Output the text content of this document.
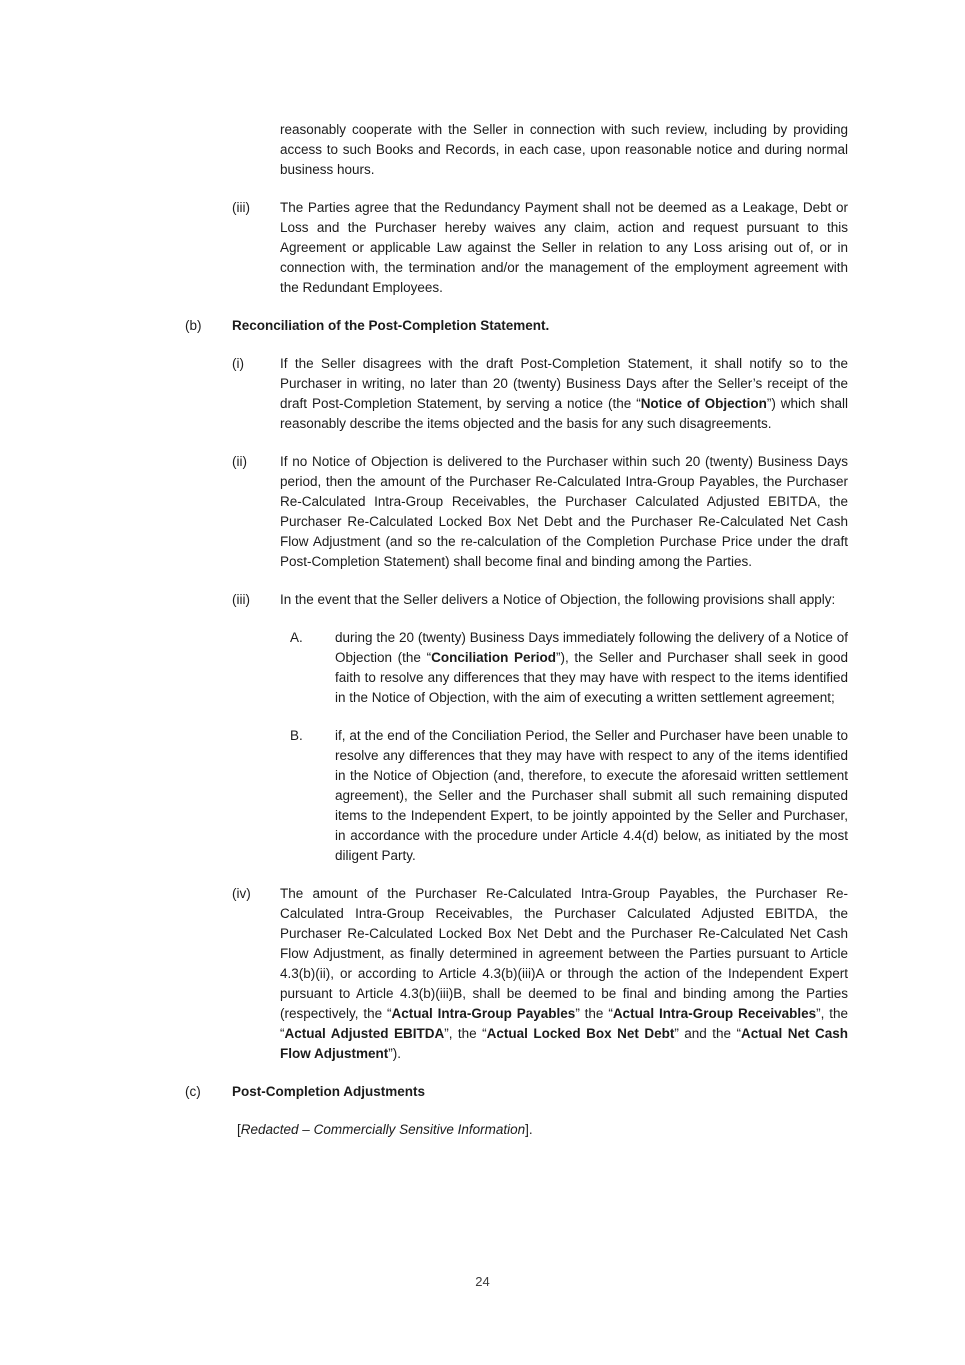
reasonably cooperate with the Seller in connection with such review, including by providing access to such Books and Records, in each case, upon reasonable notice and during normal business hours.
(iii) The Parties agree that the Redundancy Payment shall not be deemed as a Leakage, Debt or Loss and the Purchaser hereby waives any claim, action and request pursuant to this Agreement or applicable Law against the Seller in relation to any Loss arising out of, or in connection with, the termination and/or the management of the employment agreement with the Redundant Employees.
(b) Reconciliation of the Post-Completion Statement.
(i)	If the Seller disagrees with the draft Post-Completion Statement, it shall notify so to the Purchaser in writing, no later than 20 (twenty) Business Days after the Seller’s receipt of the draft Post-Completion Statement, by serving a notice (the “Notice of Objection”) which shall reasonably describe the items objected and the basis for any such disagreements.
(ii) If no Notice of Objection is delivered to the Purchaser within such 20 (twenty) Business Days period, then the amount of the Purchaser Re-Calculated Intra-Group Payables, the Purchaser Re-Calculated Intra-Group Receivables, the Purchaser Calculated Adjusted EBITDA, the Purchaser Re-Calculated Locked Box Net Debt and the Purchaser Re-Calculated Net Cash Flow Adjustment (and so the re-calculation of the Completion Purchase Price under the draft Post-Completion Statement) shall become final and binding among the Parties.
(iii) In the event that the Seller delivers a Notice of Objection, the following provisions shall apply:
A. during the 20 (twenty) Business Days immediately following the delivery of a Notice of Objection (the “Conciliation Period”), the Seller and Purchaser shall seek in good faith to resolve any differences that they may have with respect to the items identified in the Notice of Objection, with the aim of executing a written settlement agreement;
B. if, at the end of the Conciliation Period, the Seller and Purchaser have been unable to resolve any differences that they may have with respect to any of the items identified in the Notice of Objection (and, therefore, to execute the aforesaid written settlement agreement), the Seller and the Purchaser shall submit all such remaining disputed items to the Independent Expert, to be jointly appointed by the Seller and Purchaser, in accordance with the procedure under Article 4.4(d) below, as initiated by the most diligent Party.
(iv) The amount of the Purchaser Re-Calculated Intra-Group Payables, the Purchaser Re-Calculated Intra-Group Receivables, the Purchaser Calculated Adjusted EBITDA, the Purchaser Re-Calculated Locked Box Net Debt and the Purchaser Re-Calculated Net Cash Flow Adjustment, as finally determined in agreement between the Parties pursuant to Article 4.3(b)(ii), or according to Article 4.3(b)(iii)A or through the action of the Independent Expert pursuant to Article 4.3(b)(iii)B, shall be deemed to be final and binding among the Parties (respectively, the “Actual Intra-Group Payables” the “Actual Intra-Group Receivables”, the “Actual Adjusted EBITDA”, the “Actual Locked Box Net Debt” and the “Actual Net Cash Flow Adjustment”).
(c) Post-Completion Adjustments
[Redacted – Commercially Sensitive Information].
24
